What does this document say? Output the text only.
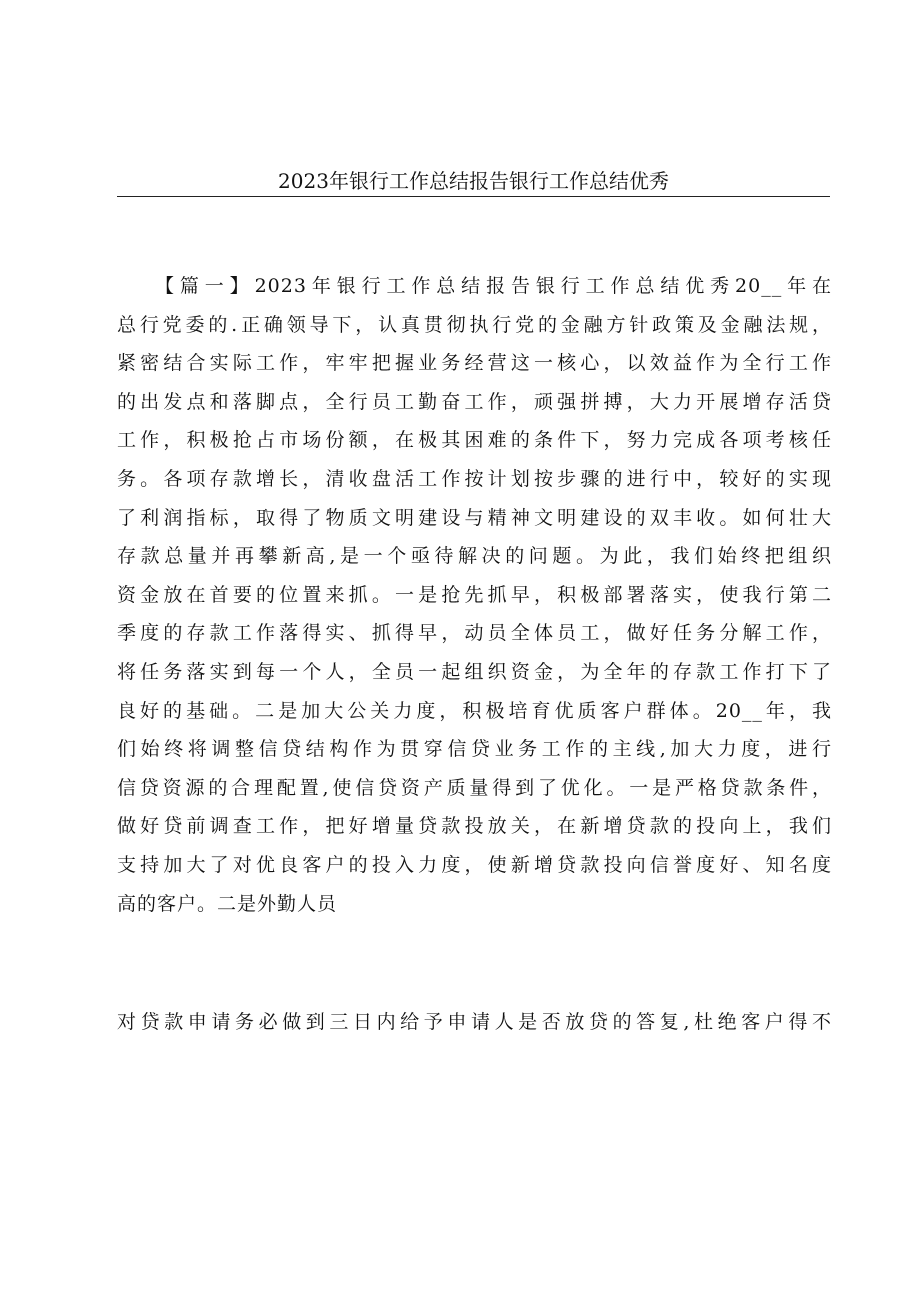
2023年银行工作总结报告银行工作总结优秀
【篇一】2023年银行工作总结报告银行工作总结优秀20__年在
总行党委的.正确领导下，认真贯彻执行党的金融方针政策及金融法规，
紧密结合实际工作，牢牢把握业务经营这一核心，以效益作为全行工作
的出发点和落脚点，全行员工勤奋工作，顽强拼搏，大力开展增存活贷
工作，积极抢占市场份额，在极其困难的条件下，努力完成各项考核任
务。各项存款增长，清收盘活工作按计划按步骤的进行中，较好的实现
了利润指标，取得了物质文明建设与精神文明建设的双丰收。如何壮大
存款总量并再攀新高,是一个亟待解决的问题。为此，我们始终把组织
资金放在首要的位置来抓。一是抢先抓早，积极部署落实，使我行第二
季度的存款工作落得实、抓得早，动员全体员工，做好任务分解工作，
将任务落实到每一个人，全员一起组织资金，为全年的存款工作打下了
良好的基础。二是加大公关力度，积极培育优质客户群体。20__年，我
们始终将调整信贷结构作为贯穿信贷业务工作的主线,加大力度，进行
信贷资源的合理配置,使信贷资产质量得到了优化。一是严格贷款条件，
做好贷前调查工作，把好增量贷款投放关，在新增贷款的投向上，我们
支持加大了对优良客户的投入力度，使新增贷款投向信誉度好、知名度
高的客户。二是外勤人员
对贷款申请务必做到三日内给予申请人是否放贷的答复,杜绝客户得不
